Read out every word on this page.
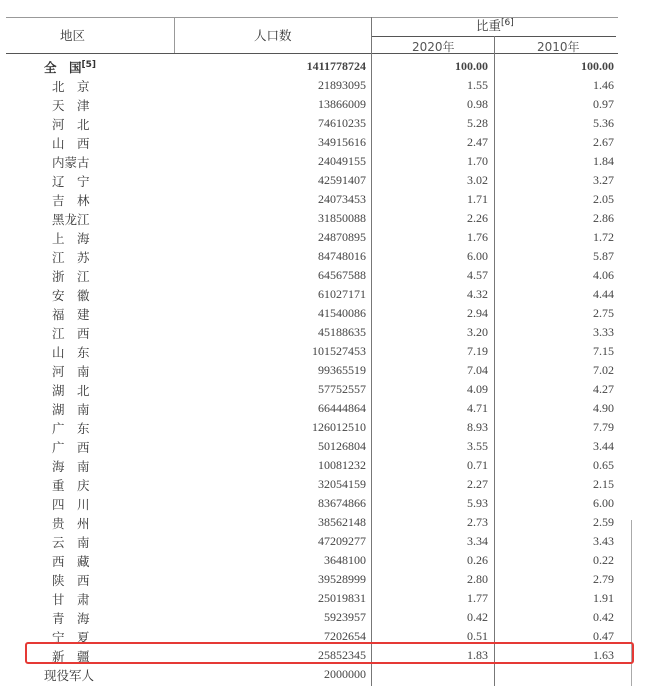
地区	人口数
比重[6]
2020年	2010年
全　国[5]	1411778724	100.00	100.00
北　京	21893095	1.55	1.46
天　津	13866009	0.98	0.97
河　北	74610235	5.28	5.36
山　西	34915616	2.47	2.67
内蒙古	24049155	1.70	1.84
辽　宁	42591407	3.02	3.27
吉　林	24073453	1.71	2.05
黑龙江	31850088	2.26	2.86
上　海	24870895	1.76	1.72
江　苏	84748016	6.00	5.87
浙　江	64567588	4.57	4.06
安　徽	61027171	4.32	4.44
福　建	41540086	2.94	2.75
江　西	45188635	3.20	3.33
山　东	101527453	7.19	7.15
河　南	99365519	7.04	7.02
湖　北	57752557	4.09	4.27
湖　南	66444864	4.71	4.90
广　东	126012510	8.93	7.79
广　西	50126804	3.55	3.44
海　南	10081232	0.71	0.65
重　庆	32054159	2.27	2.15
四　川	83674866	5.93	6.00
贵　州	38562148	2.73	2.59
云　南	47209277	3.34	3.43
西　藏	3648100	0.26	0.22
陕　西	39528999	2.80	2.79
甘　肃	25019831	1.77	1.91
青　海	5923957	0.42	0.42
宁　夏	7202654	0.51	0.47
新　疆	25852345	1.83	1.63
现役军人	2000000
